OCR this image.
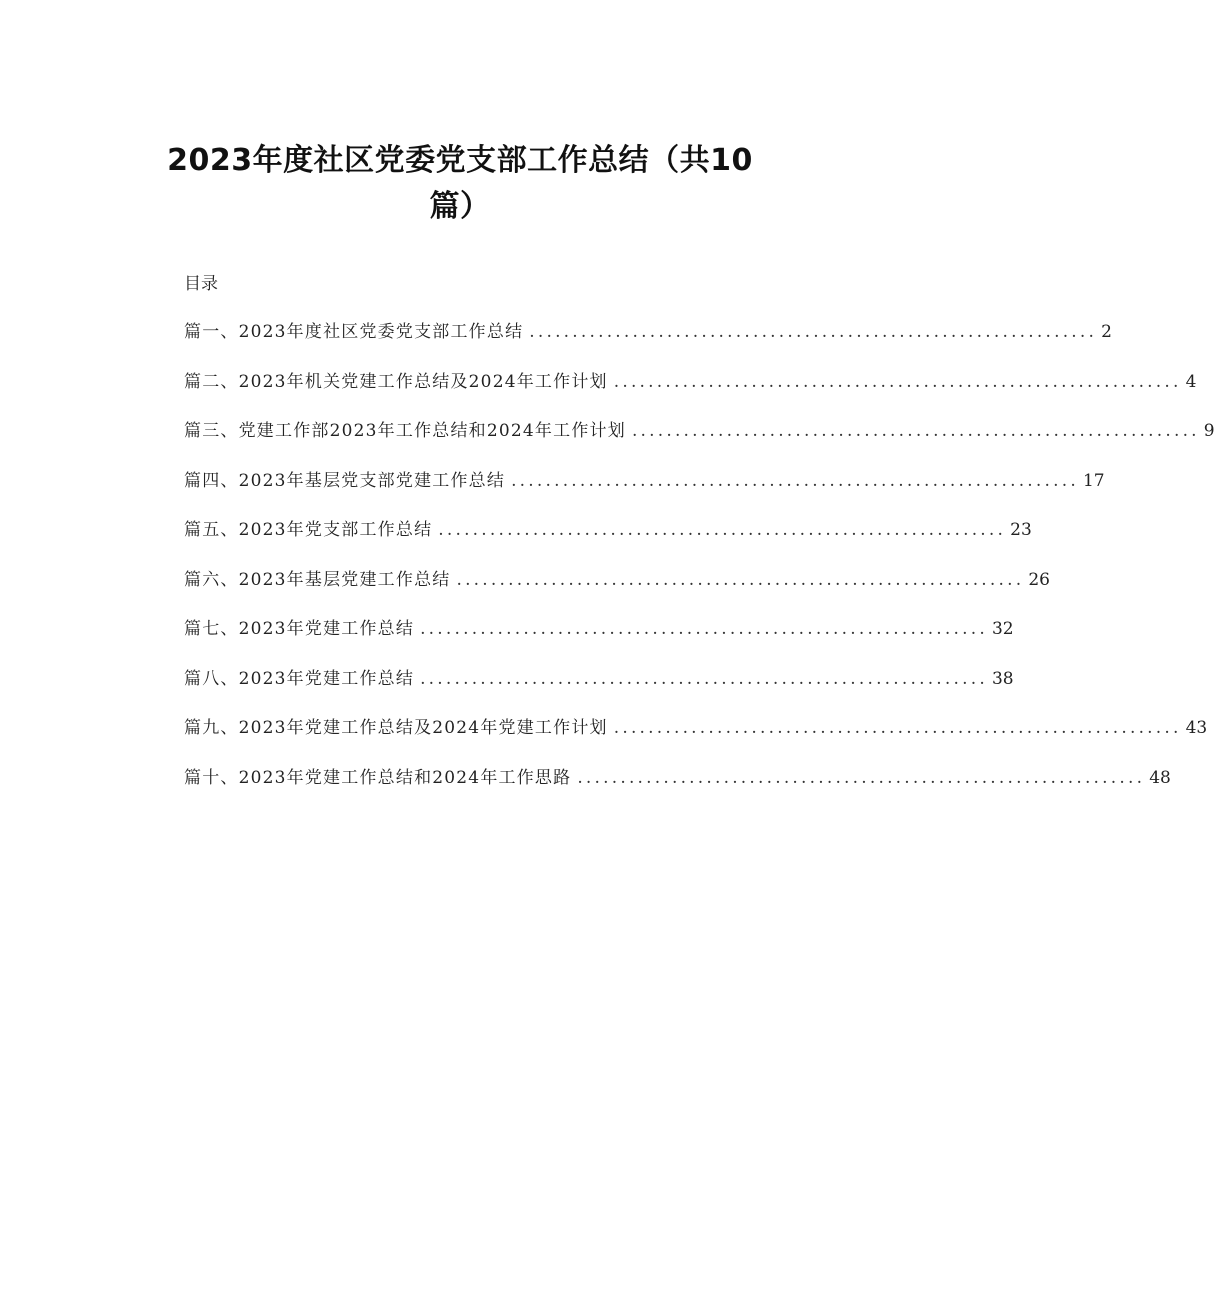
2023年度社区党委党支部工作总结（共10
篇）
目录
篇一、2023年度社区党委党支部工作总结 .................................................................. 2
篇二、2023年机关党建工作总结及2024年工作计划 .................................................................. 4
篇三、党建工作部2023年工作总结和2024年工作计划 .................................................................. 9
篇四、2023年基层党支部党建工作总结 .................................................................. 17
篇五、2023年党支部工作总结 .................................................................. 23
篇六、2023年基层党建工作总结 .................................................................. 26
篇七、2023年党建工作总结 .................................................................. 32
篇八、2023年党建工作总结 .................................................................. 38
篇九、2023年党建工作总结及2024年党建工作计划 .................................................................. 43
篇十、2023年党建工作总结和2024年工作思路 .................................................................. 48
